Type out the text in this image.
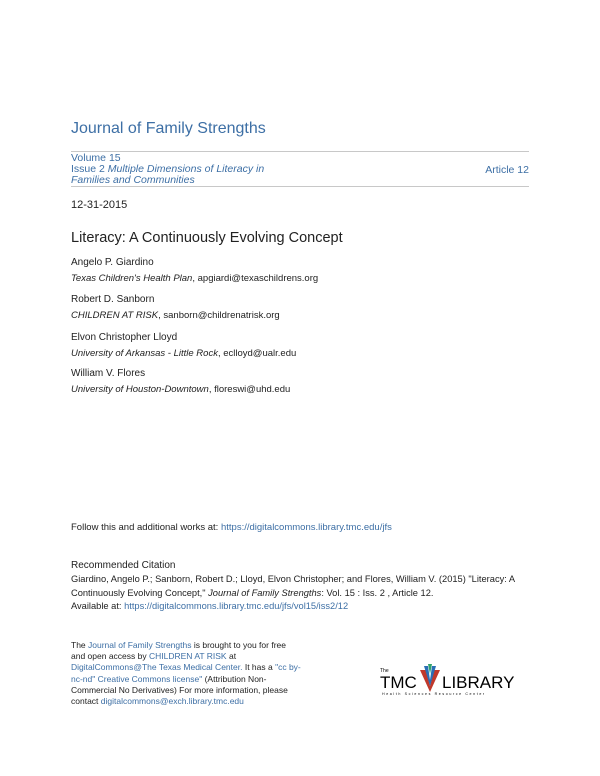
Journal of Family Strengths
Volume 15
Issue 2 Multiple Dimensions of Literacy in Families and Communities
Article 12
12-31-2015
Literacy: A Continuously Evolving Concept
Angelo P. Giardino
Texas Children's Health Plan, apgiardi@texaschildrens.org
Robert D. Sanborn
CHILDREN AT RISK, sanborn@childrenatrisk.org
Elvon Christopher Lloyd
University of Arkansas - Little Rock, eclloyd@ualr.edu
William V. Flores
University of Houston-Downtown, floreswi@uhd.edu
Follow this and additional works at: https://digitalcommons.library.tmc.edu/jfs
Recommended Citation
Giardino, Angelo P.; Sanborn, Robert D.; Lloyd, Elvon Christopher; and Flores, William V. (2015) "Literacy: A Continuously Evolving Concept," Journal of Family Strengths: Vol. 15 : Iss. 2 , Article 12.
Available at: https://digitalcommons.library.tmc.edu/jfs/vol15/iss2/12
The Journal of Family Strengths is brought to you for free and open access by CHILDREN AT RISK at DigitalCommons@The Texas Medical Center. It has a "cc by-nc-nd" Creative Commons license" (Attribution Non-Commercial No Derivatives) For more information, please contact digitalcommons@exch.library.tmc.edu
The
TMC LIBRARY
Health Sciences Resource Center
